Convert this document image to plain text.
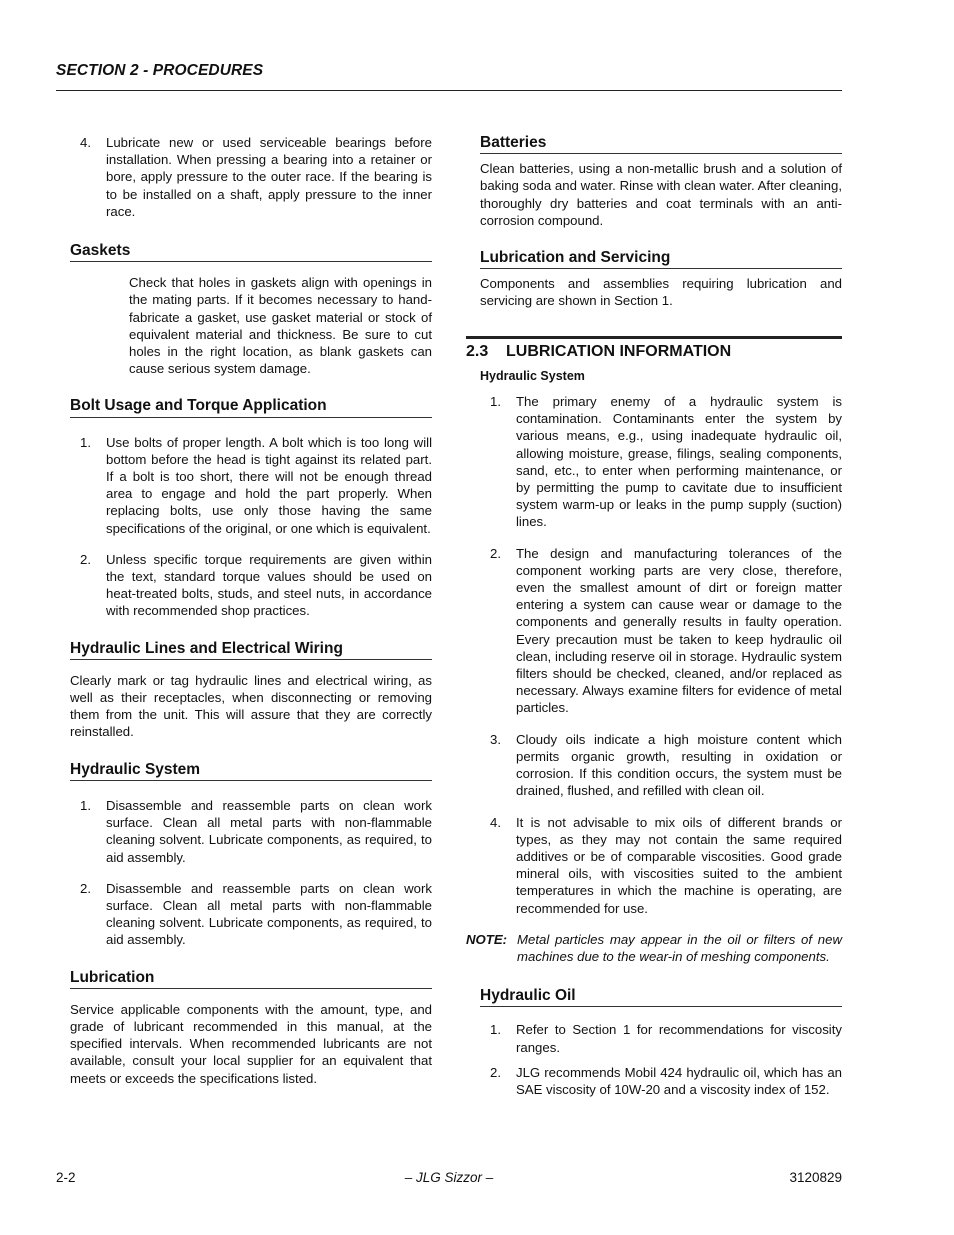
SECTION 2 - PROCEDURES
4.	Lubricate new or used serviceable bearings before installation. When pressing a bearing into a retainer or bore, apply pressure to the outer race. If the bearing is to be installed on a shaft, apply pressure to the inner race.
Gaskets
Check that holes in gaskets align with openings in the mating parts. If it becomes necessary to hand-fabricate a gasket, use gasket material or stock of equivalent material and thickness. Be sure to cut holes in the right location, as blank gaskets can cause serious system damage.
Bolt Usage and Torque Application
1.	Use bolts of proper length. A bolt which is too long will bottom before the head is tight against its related part. If a bolt is too short, there will not be enough thread area to engage and hold the part properly. When replacing bolts, use only those having the same specifications of the original, or one which is equivalent.
2.	Unless specific torque requirements are given within the text, standard torque values should be used on heat-treated bolts, studs, and steel nuts, in accordance with recommended shop practices.
Hydraulic Lines and Electrical Wiring
Clearly mark or tag hydraulic lines and electrical wiring, as well as their receptacles, when disconnecting or removing them from the unit. This will assure that they are correctly reinstalled.
Hydraulic System
1.	Disassemble and reassemble parts on clean work surface. Clean all metal parts with non-flammable cleaning solvent. Lubricate components, as required, to aid assembly.
2.	Disassemble and reassemble parts on clean work surface. Clean all metal parts with non-flammable cleaning solvent. Lubricate components, as required, to aid assembly.
Lubrication
Service applicable components with the amount, type, and grade of lubricant recommended in this manual, at the specified intervals. When recommended lubricants are not available, consult your local supplier for an equivalent that meets or exceeds the specifications listed.
Batteries
Clean batteries, using a non-metallic brush and a solution of baking soda and water. Rinse with clean water. After cleaning, thoroughly dry batteries and coat terminals with an anti-corrosion compound.
Lubrication and Servicing
Components and assemblies requiring lubrication and servicing are shown in Section 1.
2.3 LUBRICATION INFORMATION
Hydraulic System
1.	The primary enemy of a hydraulic system is contamination. Contaminants enter the system by various means, e.g., using inadequate hydraulic oil, allowing moisture, grease, filings, sealing components, sand, etc., to enter when performing maintenance, or by permitting the pump to cavitate due to insufficient system warm-up or leaks in the pump supply (suction) lines.
2.	The design and manufacturing tolerances of the component working parts are very close, therefore, even the smallest amount of dirt or foreign matter entering a system can cause wear or damage to the components and generally results in faulty operation. Every precaution must be taken to keep hydraulic oil clean, including reserve oil in storage. Hydraulic system filters should be checked, cleaned, and/or replaced as necessary. Always examine filters for evidence of metal particles.
3.	Cloudy oils indicate a high moisture content which permits organic growth, resulting in oxidation or corrosion. If this condition occurs, the system must be drained, flushed, and refilled with clean oil.
4.	It is not advisable to mix oils of different brands or types, as they may not contain the same required additives or be of comparable viscosities. Good grade mineral oils, with viscosities suited to the ambient temperatures in which the machine is operating, are recommended for use.
NOTE: Metal particles may appear in the oil or filters of new machines due to the wear-in of meshing components.
Hydraulic Oil
1.	Refer to Section 1 for recommendations for viscosity ranges.
2.	JLG recommends Mobil 424 hydraulic oil, which has an SAE viscosity of 10W-20 and a viscosity index of 152.
2-2	– JLG Sizzor –	3120829
